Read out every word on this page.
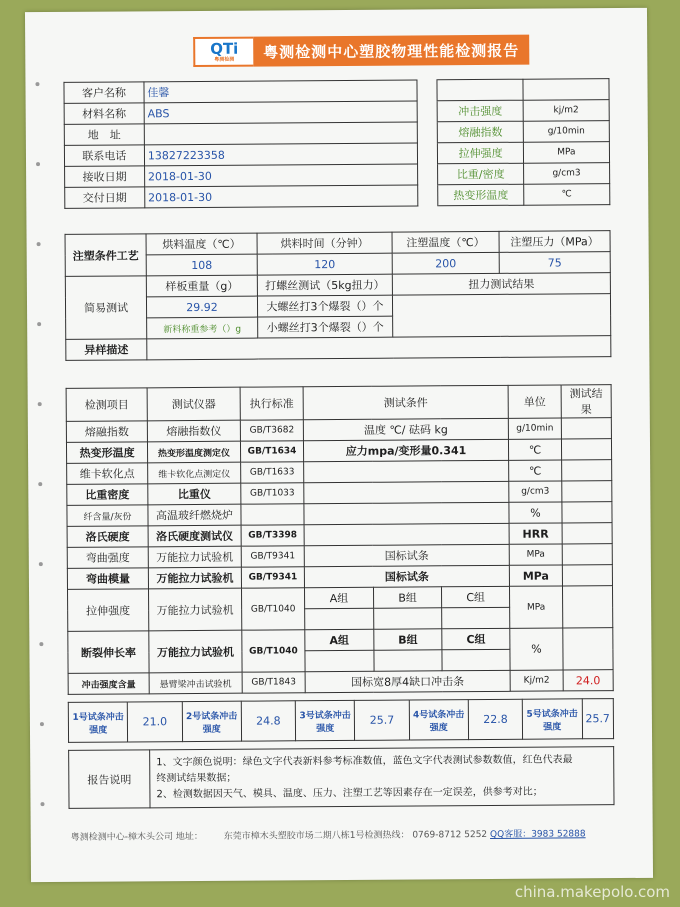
QTi
粤测检测	粤测检测中心塑胶物理性能检测报告
客户名称	佳馨			
材料名称	ABS		冲击强度	kj/m2
地　址			熔融指数	g/10min
联系电话	13827223358		拉伸强度	MPa
接收日期	2018-01-30		比重/密度	g/cm3
交付日期	2018-01-30		热变形温度	℃
注塑条件工艺	烘料温度（℃）	烘料时间（分钟）	注塑温度（℃）	注塑压力（MPa）
	108	120	200	75
简易测试	样板重量（g）	打螺丝测试（5kg扭力）	扭力测试结果	
	29.92	大螺丝打3个爆裂（）个		
	新料称重参考（）g	小螺丝打3个爆裂（）个		
异样描述				
检测项目	测试仪器	执行标准	测试条件			单位	测试结果
熔融指数	熔融指数仪	GB/T3682	温度 ℃/ 砝码 kg			g/10min	
热变形温度	热变形温度测定仪	GB/T1634	应力mpa/变形量0.341			℃	
维卡软化点	维卡软化点测定仪	GB/T1633				℃	
比重密度	比重仪	GB/T1033				g/cm3	
纤含量/灰份	高温玻纤燃烧炉					%	
洛氏硬度	洛氏硬度测试仪	GB/T3398				HRR	
弯曲强度	万能拉力试验机	GB/T9341	国标试条			MPa	
弯曲模量	万能拉力试验机	GB/T9341	国标试条			MPa	
拉伸强度	万能拉力试验机	GB/T1040	A组	B组	C组	MPa	

断裂伸长率	万能拉力试验机	GB/T1040	A组	B组	C组	%	

冲击强度含量	悬臂梁冲击试验机	GB/T1843	国标宽8厚4缺口冲击条			Kj/m2	24.0
1号试条冲击强度	21.0	2号试条冲击强度	24.8	3号试条冲击强度	25.7	4号试条冲击强度	22.8	5号试条冲击强度	25.7
报告说明	
1、文字颜色说明：绿色文字代表新料参考标准数值，蓝色文字代表测试参数数值，红色代表最
终测试结果数据；
2、检测数据因天气、模具、温度、压力、注塑工艺等因素存在一定误差，供参考对比；
粤测检测中心-樟木头公司 地址： 东莞市樟木头塑胶市场二期八栋1号检测热线： 0769-8712 5252 QQ客服：3983 52888
china.makepolo.com
